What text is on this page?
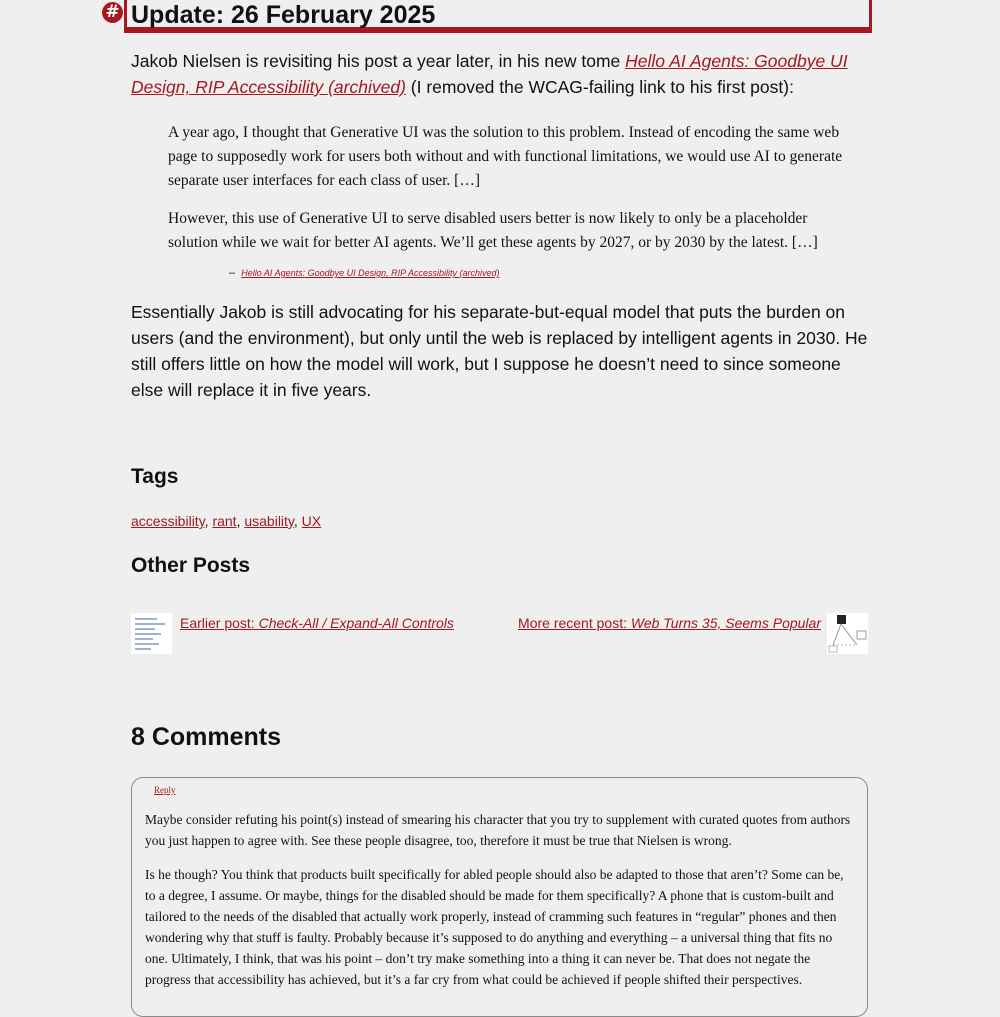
# Update: 26 February 2025

Jakob Nielsen is revisiting his post a year later, in his new tome Hello AI Agents: Goodbye UI Design, RIP Accessibility (archived) (I removed the WCAG-failing link to his first post):

A year ago, I thought that Generative UI was the solution to this problem. Instead of encoding the same web page to supposedly work for users both without and with functional limitations, we would use AI to generate separate user interfaces for each class of user. […]

However, this use of Generative UI to serve disabled users better is now likely to only be a placeholder solution while we wait for better AI agents. We’ll get these agents by 2027, or by 2030 by the latest. […]

– Hello AI Agents: Goodbye UI Design, RIP Accessibility (archived)

Essentially Jakob is still advocating for his separate-but-equal model that puts the burden on users (and the environment), but only until the web is replaced by intelligent agents in 2030. He still offers little on how the model will work, but I suppose he doesn’t need to since someone else will replace it in five years.

Tags
accessibility, rant, usability, UX
Other Posts
Earlier post: Check-All / Expand-All Controls	More recent post: Web Turns 35, Seems Popular
8 Comments
Reply

Maybe consider refuting his point(s) instead of smearing his character that you try to supplement with curated quotes from authors you just happen to agree with. See these people disagree, too, therefore it must be true that Nielsen is wrong.

Is he though? You think that products built specifically for abled people should also be adapted to those that aren’t? Some can be, to a degree, I assume. Or maybe, things for the disabled should be made for them specifically? A phone that is custom-built and tailored to the needs of the disabled that actually work properly, instead of cramming such features in “regular” phones and then wondering why that stuff is faulty. Probably because it’s supposed to do anything and everything – a universal thing that fits no one. Ultimately, I think, that was his point – don’t try make something into a thing it can never be. That does not negate the progress that accessibility has achieved, but it’s a far cry from what could be achieved if people shifted their perspectives.
